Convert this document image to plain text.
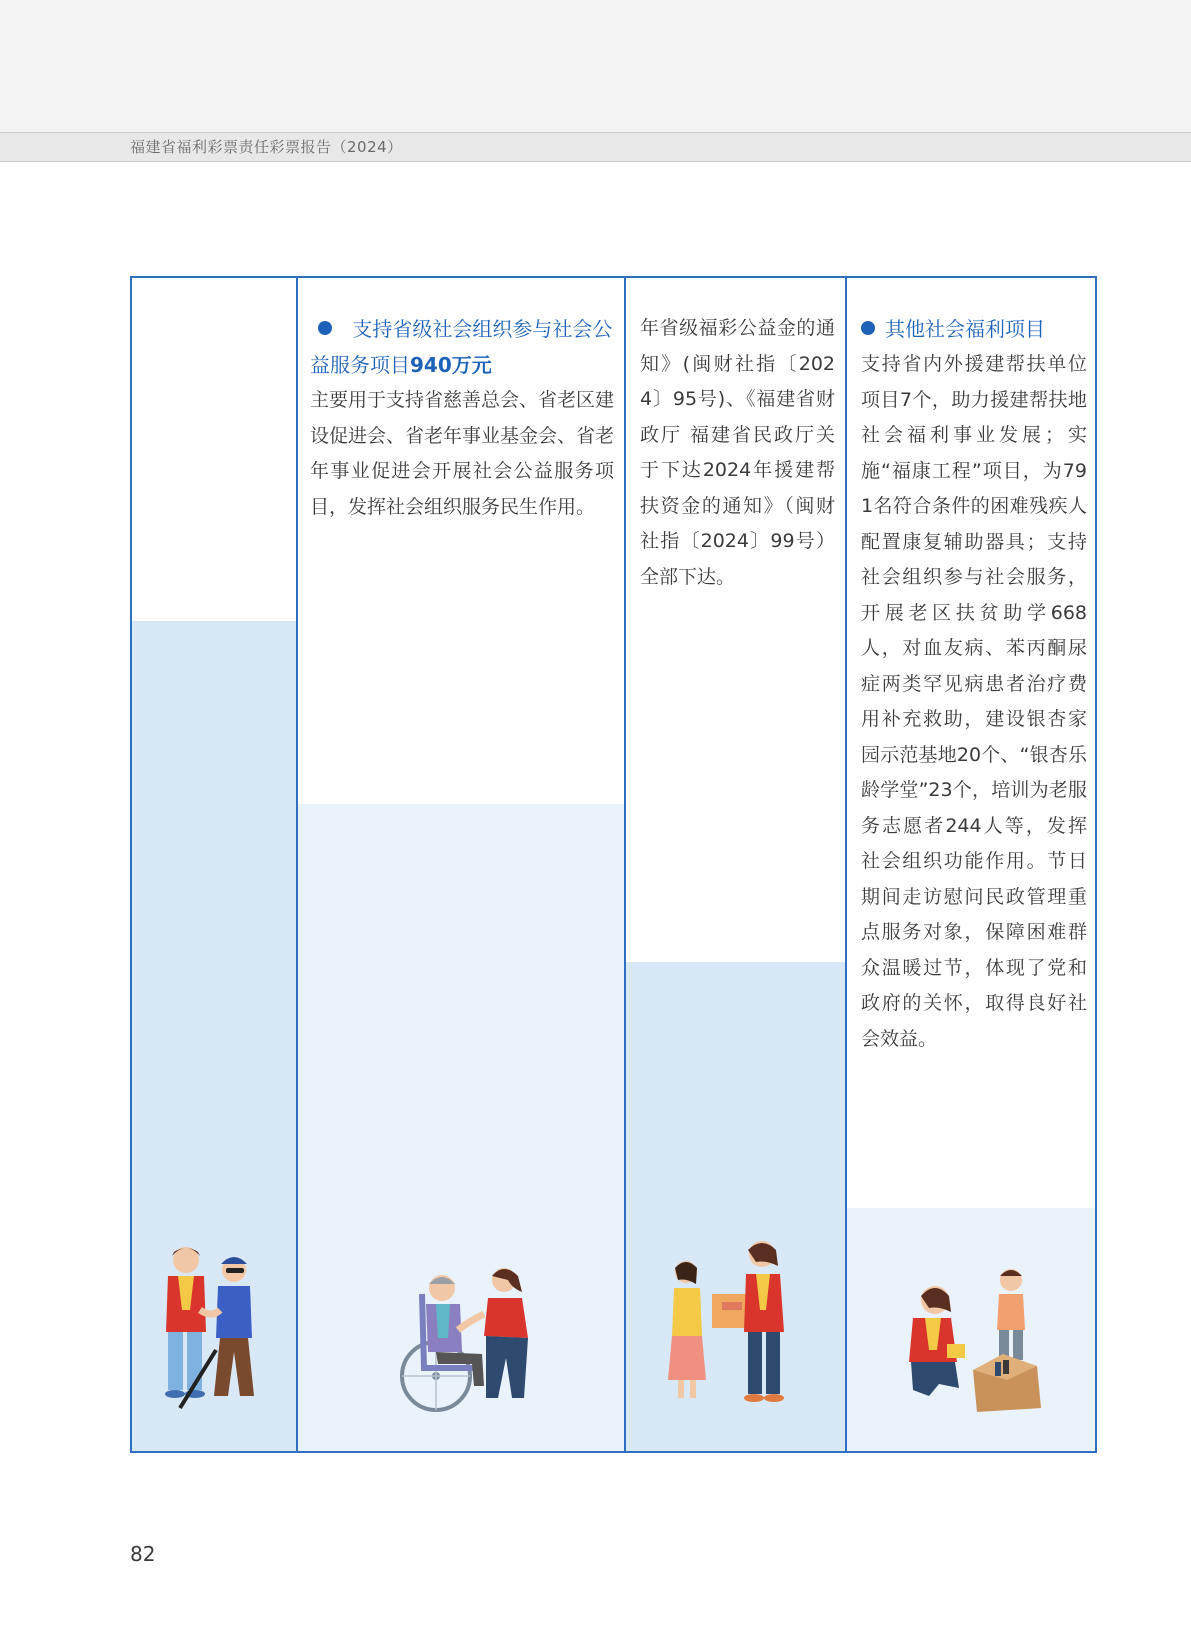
福建省福利彩票责任彩票报告（2024）

支持省级社会组织参与社会公益服务项目940万元

主要用于支持省慈善总会、省老区建设促进会、省老年事业基金会、省老年事业促进会开展社会公益服务项目，发挥社会组织服务民生作用。

年省级福彩公益金的通知》(闽财社指〔2024〕95号)、《福建省财政厅 福建省民政厅关于下达2024年援建帮扶资金的通知》（闽财社指〔2024〕99号）全部下达。

其他社会福利项目

支持省内外援建帮扶单位项目7个，助力援建帮扶地社会福利事业发展；实施“福康工程”项目，为791名符合条件的困难残疾人配置康复辅助器具；支持社会组织参与社会服务，开展老区扶贫助学668人，对血友病、苯丙酮尿症两类罕见病患者治疗费用补充救助，建设银杏家园示范基地20个、“银杏乐龄学堂”23个，培训为老服务志愿者244人等，发挥社会组织功能作用。节日期间走访慰问民政管理重点服务对象，保障困难群众温暖过节，体现了党和政府的关怀，取得良好社会效益。

82
